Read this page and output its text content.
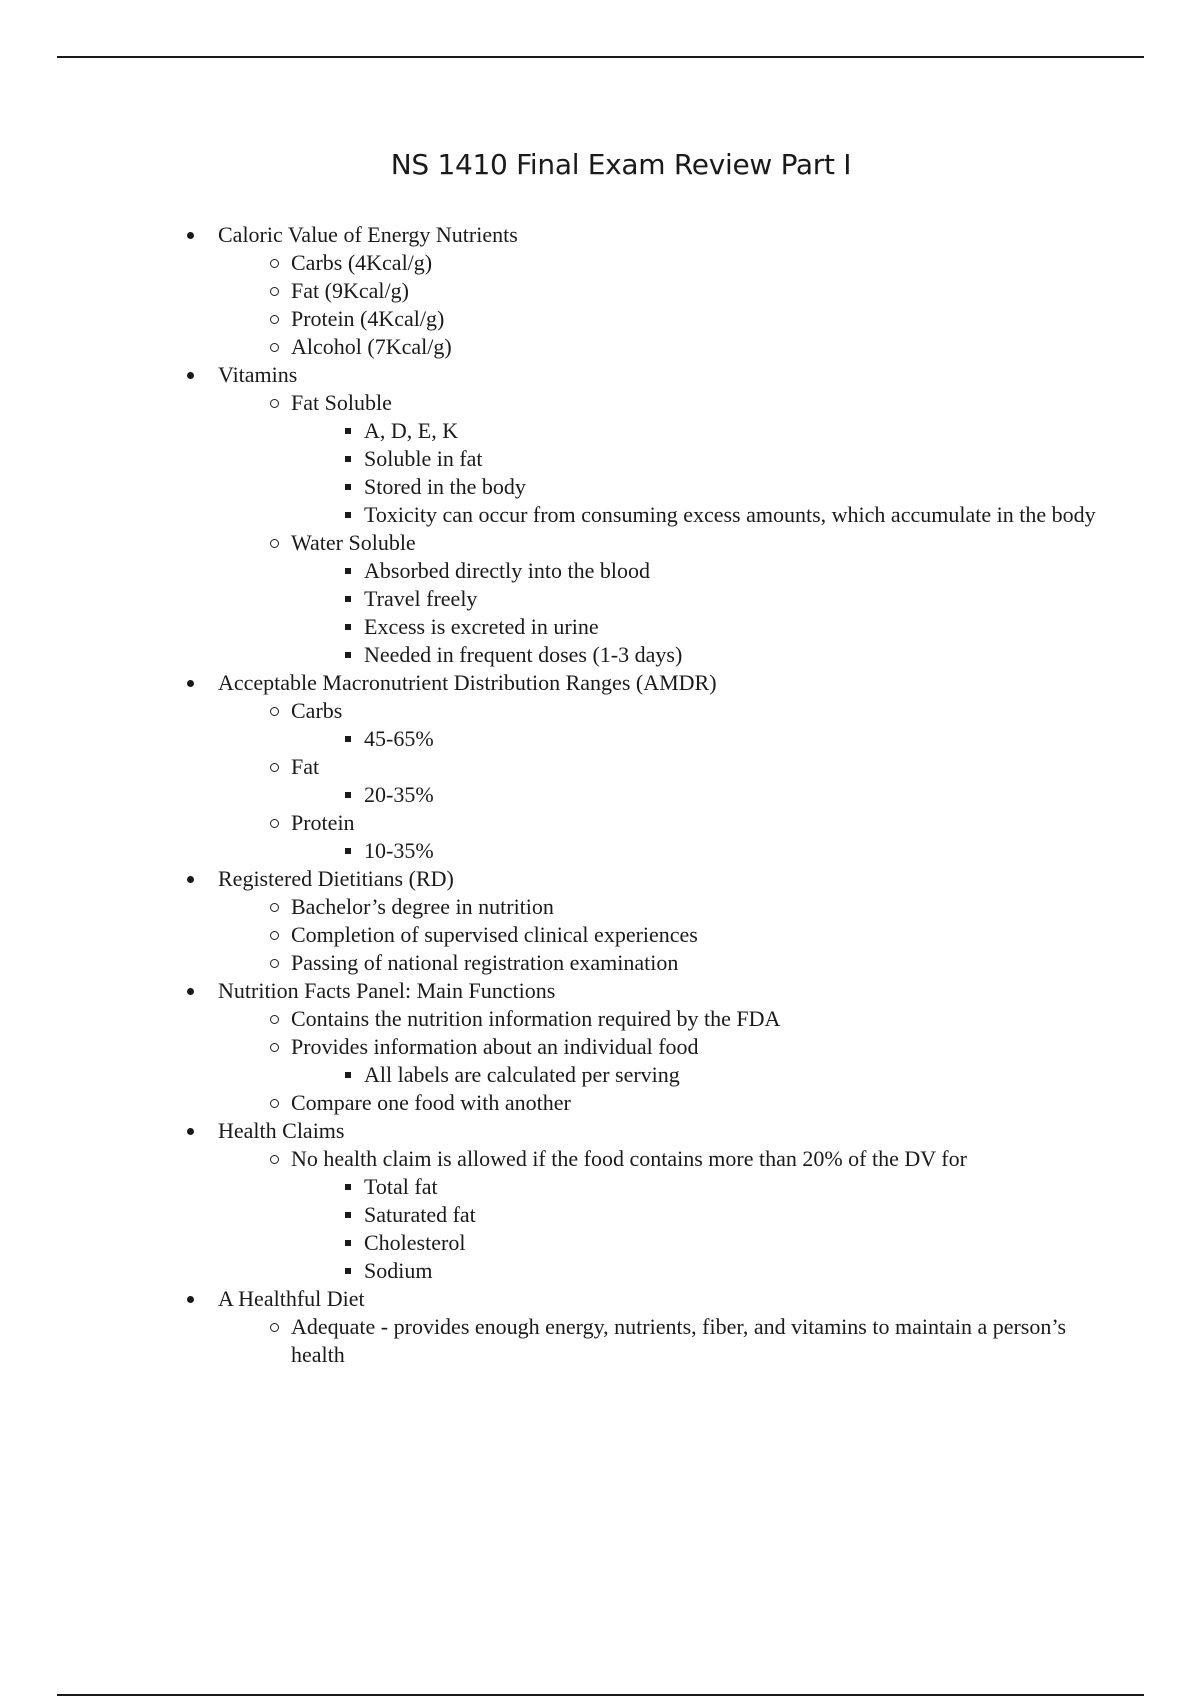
NS 1410 Final Exam Review Part I
Caloric Value of Energy Nutrients
Carbs (4Kcal/g)
Fat (9Kcal/g)
Protein (4Kcal/g)
Alcohol (7Kcal/g)
Vitamins
Fat Soluble
A, D, E, K
Soluble in fat
Stored in the body
Toxicity can occur from consuming excess amounts, which accumulate in the body
Water Soluble
Absorbed directly into the blood
Travel freely
Excess is excreted in urine
Needed in frequent doses (1-3 days)
Acceptable Macronutrient Distribution Ranges (AMDR)
Carbs
45-65%
Fat
20-35%
Protein
10-35%
Registered Dietitians (RD)
Bachelor’s degree in nutrition
Completion of supervised clinical experiences
Passing of national registration examination
Nutrition Facts Panel: Main Functions
Contains the nutrition information required by the FDA
Provides information about an individual food
All labels are calculated per serving
Compare one food with another
Health Claims
No health claim is allowed if the food contains more than 20% of the DV for
Total fat
Saturated fat
Cholesterol
Sodium
A Healthful Diet
Adequate - provides enough energy, nutrients, fiber, and vitamins to maintain a person’s health
